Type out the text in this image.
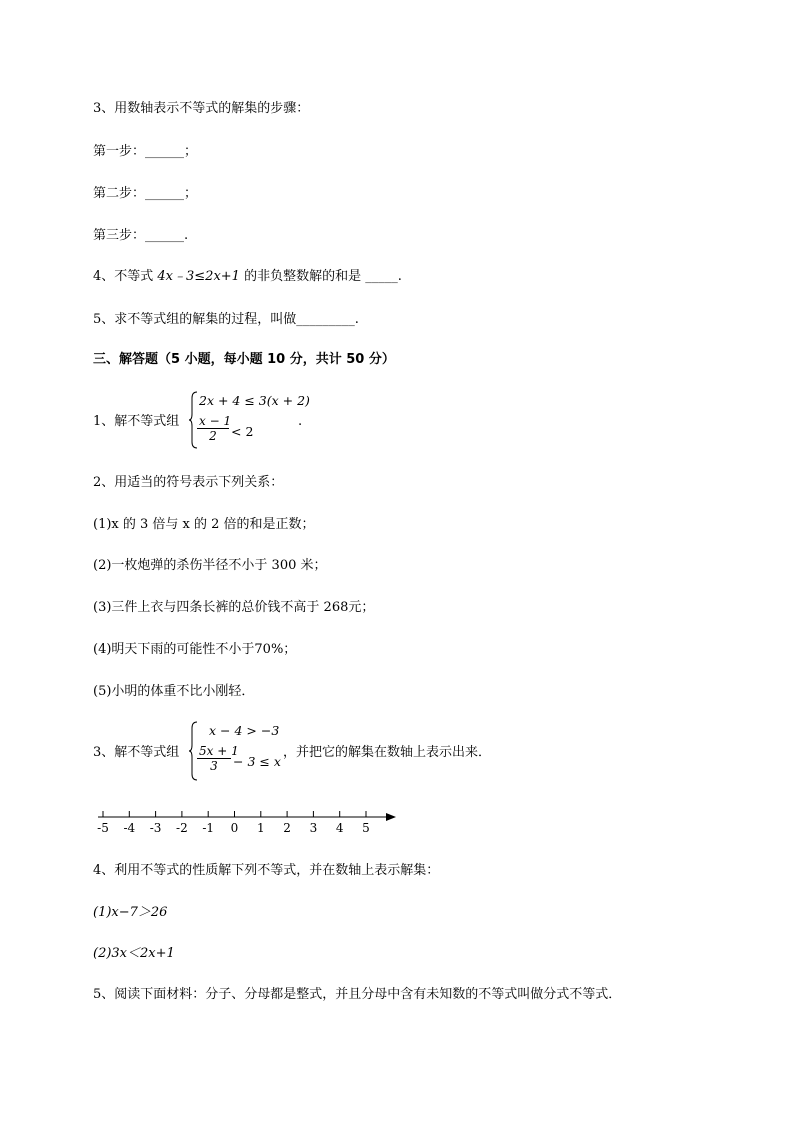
3、用数轴表示不等式的解集的步骤：
第一步：______；
第二步：______；
第三步：______.
4、不等式 4x﹣3≤2x+1 的非负整数解的和是 _____.
5、求不等式组的解集的过程，叫做_________.
三、解答题（5 小题，每小题 10 分，共计 50 分）
1、解不等式组
2x + 4 ≤ 3(x + 2)
$\frac{x - 1}{2} < 2$
.
2、用适当的符号表示下列关系：
(1)x 的 3 倍与 x 的 2 倍的和是正数；
(2)一枚炮弹的杀伤半径不小于 300 米；
(3)三件上衣与四条长裤的总价钱不高于 268元；
(4)明天下雨的可能性不小于70%；
(5)小明的体重不比小刚轻．
3、解不等式组
x − 4 > −3
$\frac{5x + 1}{3} - 3 \le x$
，并把它的解集在数轴上表示出来．
-5 -4 -3 -2 -1 0 1 2 3 4 5
4、利用不等式的性质解下列不等式，并在数轴上表示解集：
(1)x−7＞26
(2)3x＜2x+1
5、阅读下面材料：分子、分母都是整式，并且分母中含有未知数的不等式叫做分式不等式．
